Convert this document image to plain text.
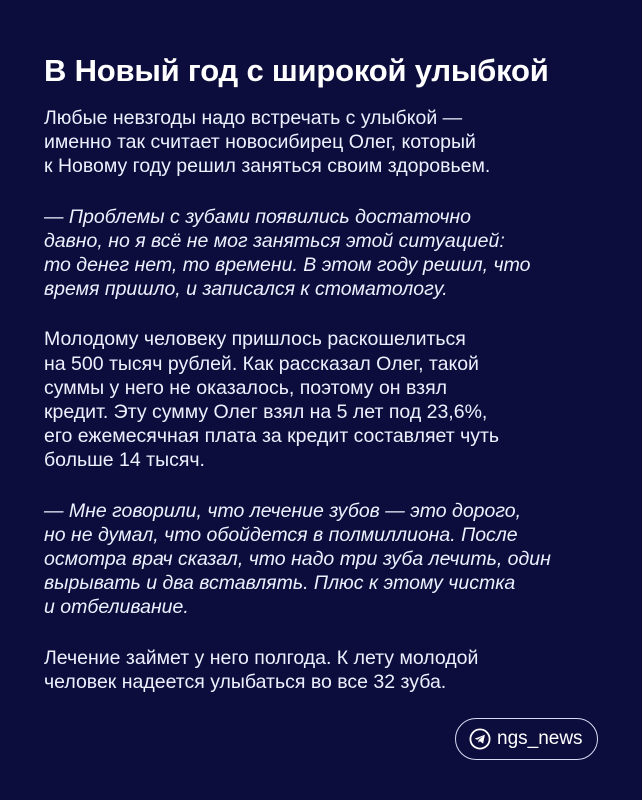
В Новый год с широкой улыбкой

Любые невзгоды надо встречать с улыбкой —
именно так считает новосибирец Олег, который
к Новому году решил заняться своим здоровьем.

— Проблемы с зубами появились достаточно
давно, но я всё не мог заняться этой ситуацией:
то денег нет, то времени. В этом году решил, что
время пришло, и записался к стоматологу.

Молодому человеку пришлось раскошелиться
на 500 тысяч рублей. Как рассказал Олег, такой
суммы у него не оказалось, поэтому он взял
кредит. Эту сумму Олег взял на 5 лет под 23,6%,
его ежемесячная плата за кредит составляет чуть
больше 14 тысяч.

— Мне говорили, что лечение зубов — это дорого,
но не думал, что обойдется в полмиллиона. После
осмотра врач сказал, что надо три зуба лечить, один
вырывать и два вставлять. Плюс к этому чистка
и отбеливание.

Лечение займет у него полгода. К лету молодой
человек надеется улыбаться во все 32 зуба.

ngs_news
